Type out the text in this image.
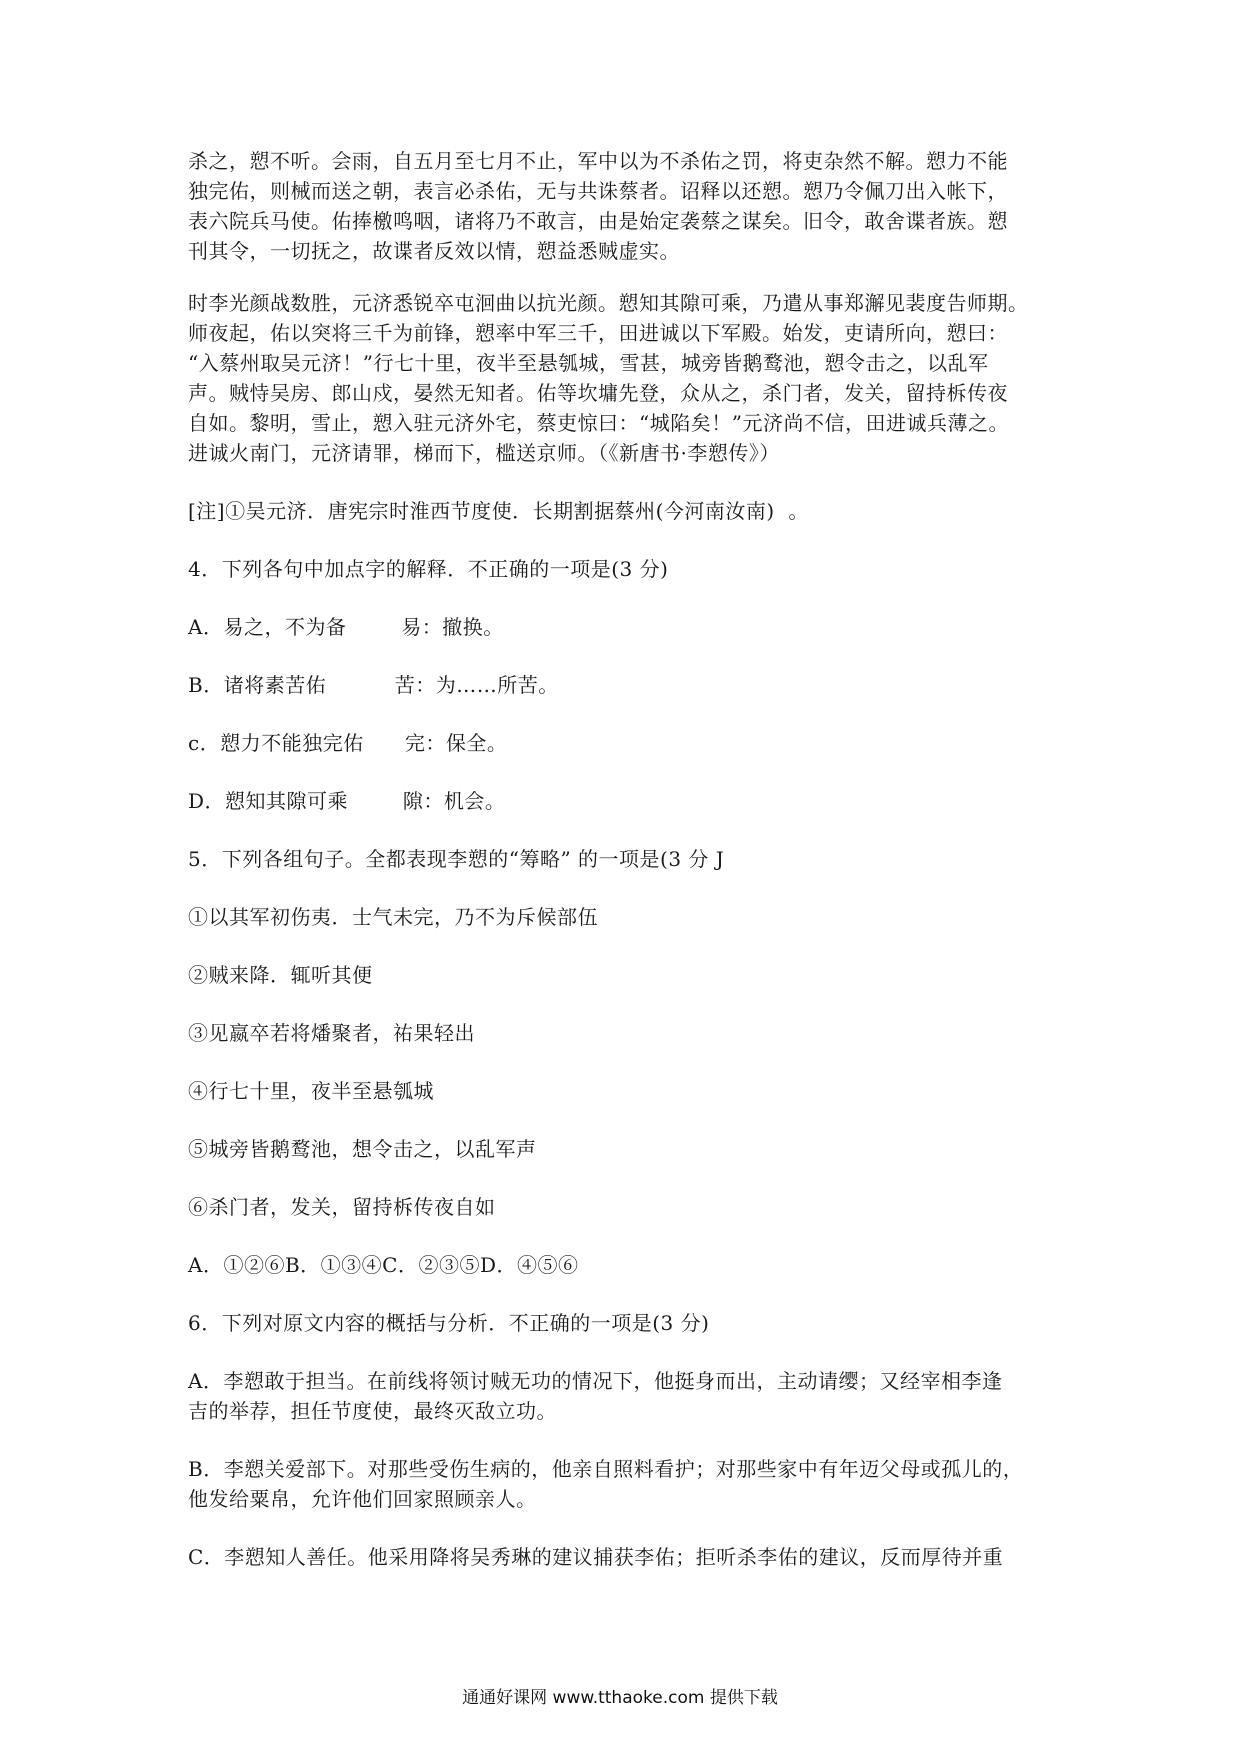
杀之，愬不听。会雨，自五月至七月不止，军中以为不杀佑之罚，将吏杂然不解。愬力不能

独完佑，则械而送之朝，表言必杀佑，无与共诛蔡者。诏释以还愬。愬乃令佩刀出入帐下，

表六院兵马使。佑捧檄鸣咽，诸将乃不敢言，由是始定袭蔡之谋矣。旧令，敢舍谍者族。愬

刊其令，一切抚之，故谍者反效以情，愬益悉贼虚实。

时李光颜战数胜，元济悉锐卒屯洄曲以抗光颜。愬知其隙可乘，乃遣从事郑澥见裴度告师期。

师夜起，佑以突将三千为前锋，愬率中军三千，田进诚以下军殿。始发，吏请所向，愬曰：

“入蔡州取吴元济！”行七十里，夜半至悬瓠城，雪甚，城旁皆鹅鹜池，愬令击之，以乱军

声。贼恃吴房、郎山戍，晏然无知者。佑等坎墉先登，众从之，杀门者，发关，留持柝传夜

自如。黎明，雪止，愬入驻元济外宅，蔡吏惊曰：“城陷矣！”元济尚不信，田进诚兵薄之。

进诚火南门，元济请罪，梯而下，槛送京师。（《新唐书·李愬传》）

[注]①吴元济．唐宪宗时淮西节度使．长期割据蔡州(今河南汝南)  。

4．下列各句中加点字的解释．不正确的一项是(3 分)

A．易之，不为备        易：撤换。

B．诸将素苦佑          苦：为……所苦。

c．愬力不能独完佑      完：保全。

D．愬知其隙可乘        隙：机会。

5．下列各组句子。全都表现李愬的“筹略” 的一项是(3 分 J

①以其军初伤夷．士气未完，乃不为斥候部伍

②贼来降．辄听其便

③见嬴卒若将燔聚者，祐果轻出

④行七十里，夜半至悬瓠城

⑤城旁皆鹅鹜池，想令击之，以乱军声

⑥杀门者，发关，留持柝传夜自如

A．①②⑥B．①③④C．②③⑤D．④⑤⑥

6．下列对原文内容的概括与分析．不正确的一项是(3 分)

A．李愬敢于担当。在前线将领讨贼无功的情况下，他挺身而出，主动请缨；又经宰相李逢

吉的举荐，担任节度使，最终灭敌立功。

B．李愬关爱部下。对那些受伤生病的，他亲自照料看护；对那些家中有年迈父母或孤儿的，

他发给粟帛，允许他们回家照顾亲人。

C．李愬知人善任。他采用降将吴秀琳的建议捕获李佑；拒听杀李佑的建议，反而厚待并重

通通好课网 www.tthaoke.com 提供下载
